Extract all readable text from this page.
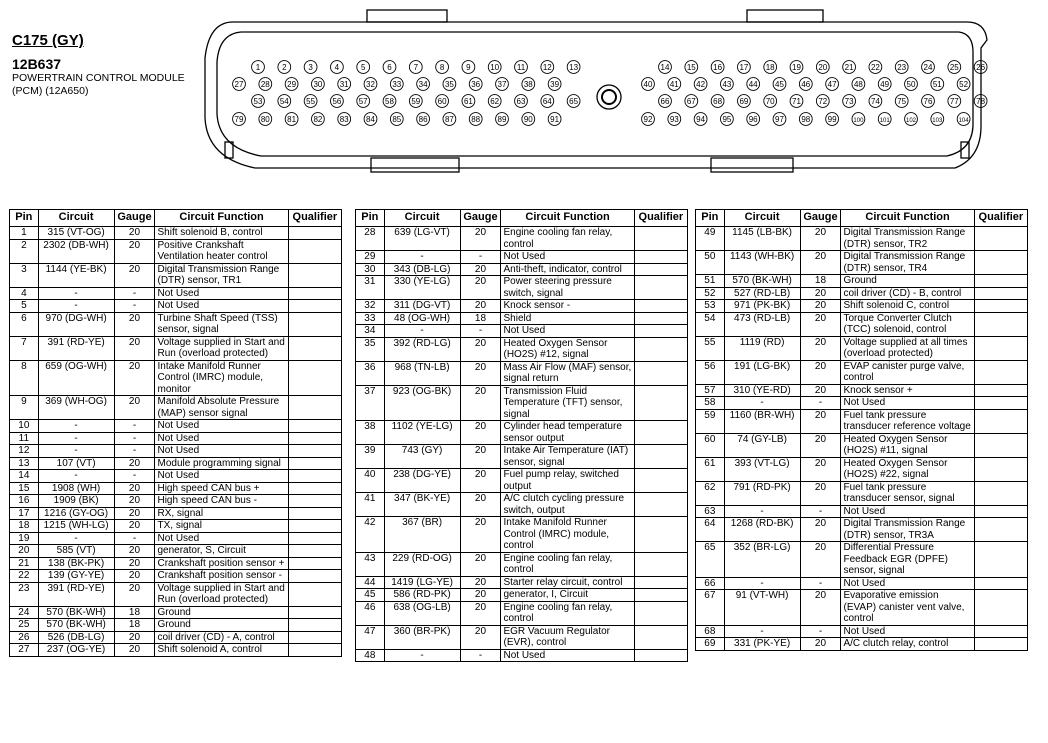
C175 (GY)
12B637
POWERTRAIN CONTROL MODULE
(PCM) (12A650)
1	2	3	4	5	6	7	8	9 10 11 12 13
27 28 29 30 31 32 33 34 35 36 37 38 39
53 54 55 56 57 58 59 60 61 62 63 64 65
79 80 81 82 83 84 85 86 87 88 89 90 91
14 15 16 17 18 19 20 21 22 23 24 25 26
40 41 42 43 44 45 46 47 48 49 50 51 52
66 67 68 69 70 71 72 73 74 75 76 77 78
92 93 94 95 96 97 98 99	100	101	102	103	104
Pin	Circuit	Gauge	Circuit Function	Qualifier
1	315 (VT-OG)	20	Shift solenoid B, control	
2	2302 (DB-WH)	20	Positive Crankshaft Ventilation heater control	
3	1144 (YE-BK)	20	Digital Transmission Range (DTR) sensor, TR1	
4	-	-	Not Used	
5	-	-	Not Used	
6	970 (DG-WH)	20	Turbine Shaft Speed (TSS) sensor, signal	
7	391 (RD-YE)	20	Voltage supplied in Start and Run (overload protected)	
8	659 (OG-WH)	20	Intake Manifold Runner Control (IMRC) module, monitor	
9	369 (WH-OG)	20	Manifold Absolute Pressure (MAP) sensor signal	
10	-	-	Not Used	
11	-	-	Not Used	
12	-	-	Not Used	
13	107 (VT)	20	Module programming signal	
14	-	-	Not Used	
15	1908 (WH)	20	High speed CAN bus +	
16	1909 (BK)	20	High speed CAN bus -	
17	1216 (GY-OG)	20	RX, signal	
18	1215 (WH-LG)	20	TX, signal	
19	-	-	Not Used	
20	585 (VT)	20	generator, S, Circuit	
21	138 (BK-PK)	20	Crankshaft position sensor +	
22	139 (GY-YE)	20	Crankshaft position sensor -	
23	391 (RD-YE)	20	Voltage supplied in Start and Run (overload protected)	
24	570 (BK-WH)	18	Ground	
25	570 (BK-WH)	18	Ground	
26	526 (DB-LG)	20	coil driver (CD) - A, control	
27	237 (OG-YE)	20	Shift solenoid A, control	
Pin	Circuit	Gauge	Circuit Function	Qualifier
28	639 (LG-VT)	20	Engine cooling fan relay, control	
29	-	-	Not Used	
30	343 (DB-LG)	20	Anti-theft, indicator, control	
31	330 (YE-LG)	20	Power steering pressure switch, signal	
32	311 (DG-VT)	20	Knock sensor -	
33	48 (OG-WH)	18	Shield	
34	-	-	Not Used	
35	392 (RD-LG)	20	Heated Oxygen Sensor (HO2S) #12, signal	
36	968 (TN-LB)	20	Mass Air Flow (MAF) sensor, signal return	
37	923 (OG-BK)	20	Transmission Fluid Temperature (TFT) sensor, signal	
38	1102 (YE-LG)	20	Cylinder head temperature sensor output	
39	743 (GY)	20	Intake Air Temperature (IAT) sensor, signal	
40	238 (DG-YE)	20	Fuel pump relay, switched output	
41	347 (BK-YE)	20	A/C clutch cycling pressure switch, output	
42	367 (BR)	20	Intake Manifold Runner Control (IMRC) module, control	
43	229 (RD-OG)	20	Engine cooling fan relay, control	
44	1419 (LG-YE)	20	Starter relay circuit, control	
45	586 (RD-PK)	20	generator, I, Circuit	
46	638 (OG-LB)	20	Engine cooling fan relay, control	
47	360 (BR-PK)	20	EGR Vacuum Regulator (EVR), control	
48	-	-	Not Used	
Pin	Circuit	Gauge	Circuit Function	Qualifier
49	1145 (LB-BK)	20	Digital Transmission Range (DTR) sensor, TR2	
50	1143 (WH-BK)	20	Digital Transmission Range (DTR) sensor, TR4	
51	570 (BK-WH)	18	Ground	
52	527 (RD-LB)	20	coil driver (CD) - B, control	
53	971 (PK-BK)	20	Shift solenoid C, control	
54	473 (RD-LB)	20	Torque Converter Clutch (TCC) solenoid, control	
55	1119 (RD)	20	Voltage supplied at all times (overload protected)	
56	191 (LG-BK)	20	EVAP canister purge valve, control	
57	310 (YE-RD)	20	Knock sensor +	
58	-	-	Not Used	
59	1160 (BR-WH)	20	Fuel tank pressure transducer reference voltage	
60	74 (GY-LB)	20	Heated Oxygen Sensor (HO2S) #11, signal	
61	393 (VT-LG)	20	Heated Oxygen Sensor (HO2S) #22, signal	
62	791 (RD-PK)	20	Fuel tank pressure transducer sensor, signal	
63	-	-	Not Used	
64	1268 (RD-BK)	20	Digital Transmission Range (DTR) sensor, TR3A	
65	352 (BR-LG)	20	Differential Pressure Feedback EGR (DPFE) sensor, signal	
66	-	-	Not Used	
67	91 (VT-WH)	20	Evaporative emission (EVAP) canister vent valve, control	
68	-	-	Not Used	
69	331 (PK-YE)	20	A/C clutch relay, control	
